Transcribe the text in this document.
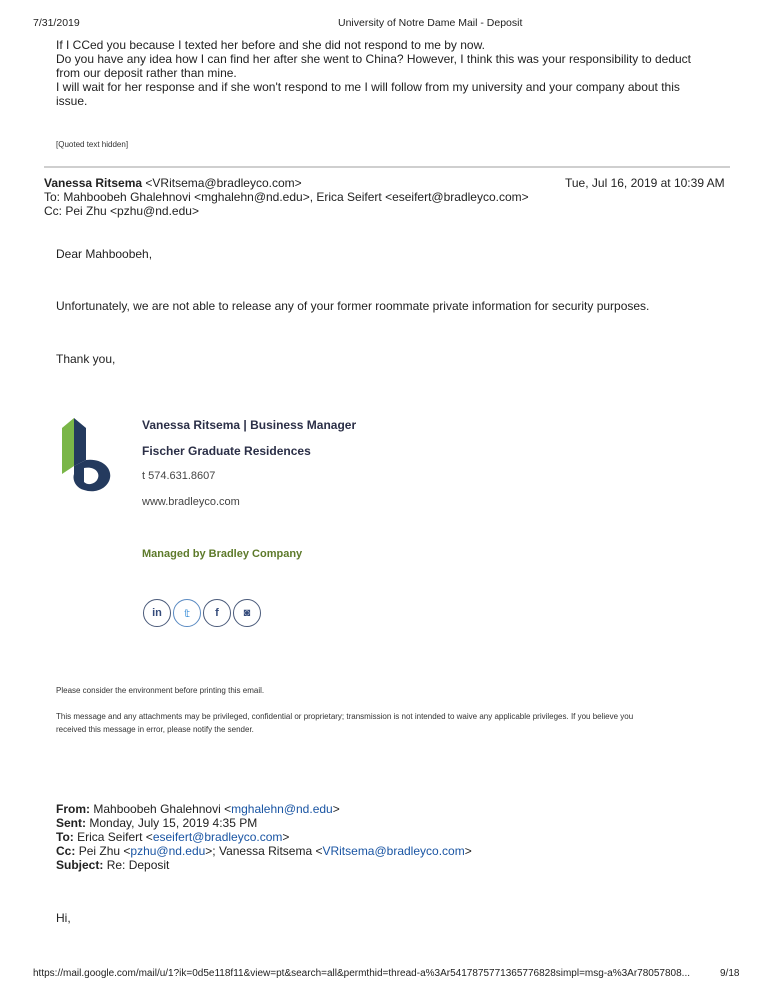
7/31/2019	University of Notre Dame Mail - Deposit
If I CCed you because I texted her before and she did not respond to me by now.
Do you have any idea how I can find her after she went to China? However, I think this was your responsibility to deduct
from our deposit rather than mine.
I will wait for her response and if she won't respond to me I will follow from my university and your company about this
issue.
[Quoted text hidden]
Vanessa Ritsema <VRitsema@bradleyco.com>	Tue, Jul 16, 2019 at 10:39 AM
To: Mahboobeh Ghalehnovi <mghalehn@nd.edu>, Erica Seifert <eseifert@bradleyco.com>
Cc: Pei Zhu <pzhu@nd.edu>
Dear Mahboobeh,
Unfortunately, we are not able to release any of your former roommate private information for security purposes.
Thank you,
Vanessa Ritsema | Business Manager
Fischer Graduate Residences
t 574.631.8607
www.bradleyco.com
Managed by Bradley Company
in	𝕥	f	◙
Please consider the environment before printing this email.
This message and any attachments may be privileged, confidential or proprietary; transmission is not intended to waive any applicable privileges. If you believe you
received this message in error, please notify the sender.
From: Mahboobeh Ghalehnovi <mghalehn@nd.edu>
Sent: Monday, July 15, 2019 4:35 PM
To: Erica Seifert <eseifert@bradleyco.com>
Cc: Pei Zhu <pzhu@nd.edu>; Vanessa Ritsema <VRitsema@bradleyco.com>
Subject: Re: Deposit
Hi,
https://mail.google.com/mail/u/1?ik=0d5e118f11&view=pt&search=all&permthid=thread-a%3Ar5417875771365776828simpl=msg-a%3Ar78057808...	9/18
